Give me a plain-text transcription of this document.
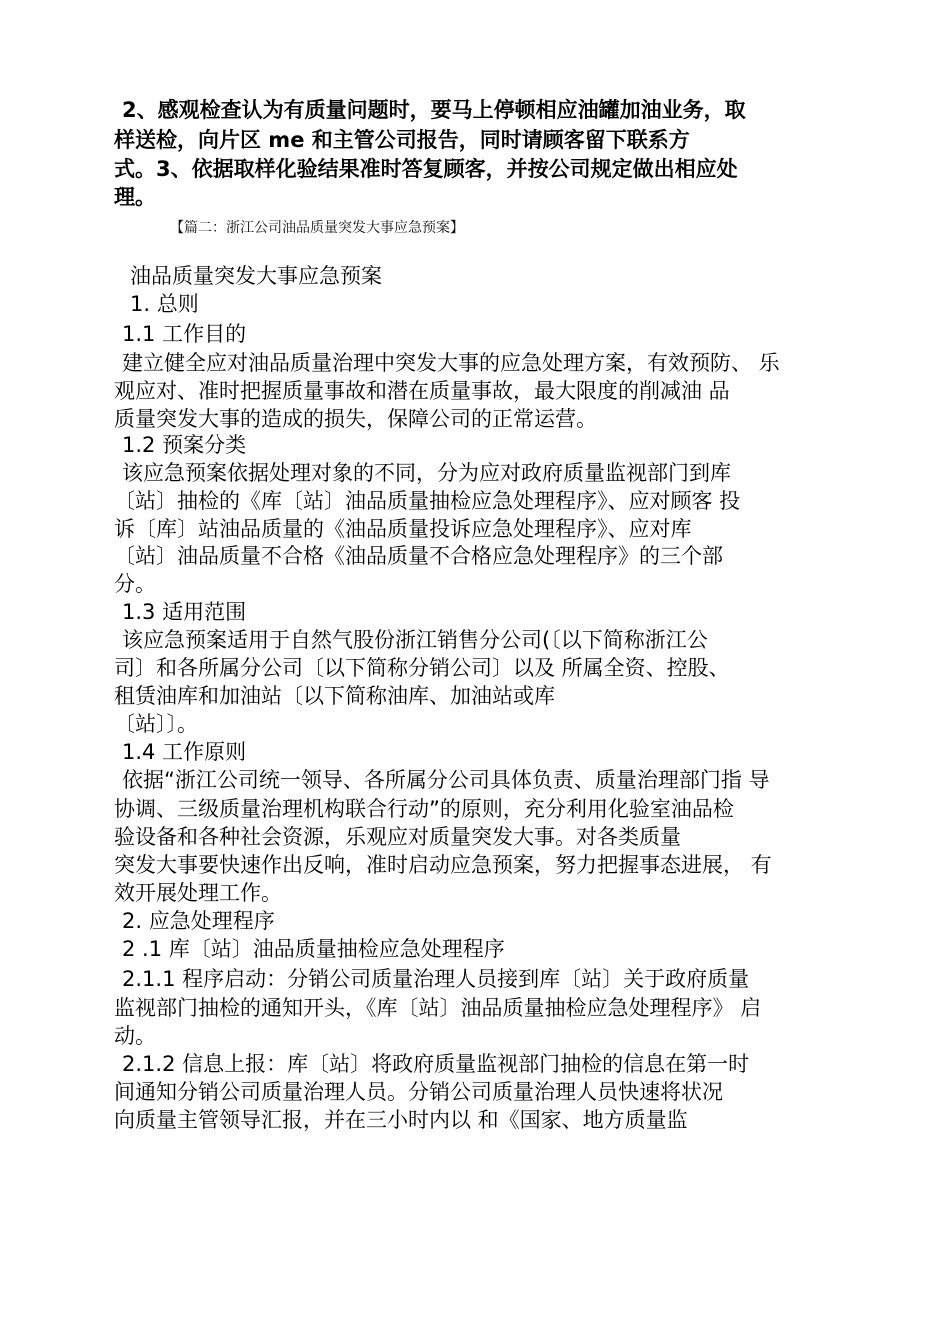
2、感观检查认为有质量问题时，要马上停顿相应油罐加油业务，取
样送检，向片区 me 和主管公司报告，同时请顾客留下联系方
式。3、依据取样化验结果准时答复顾客，并按公司规定做出相应处
理。
【篇二：浙江公司油品质量突发大事应急预案】
油品质量突发大事应急预案
1. 总则
1.1 工作目的
建立健全应对油品质量治理中突发大事的应急处理方案，有效预防、 乐
观应对、准时把握质量事故和潜在质量事故，最大限度的削减油 品
质量突发大事的造成的损失，保障公司的正常运营。
1.2 预案分类
该应急预案依据处理对象的不同，分为应对政府质量监视部门到库
〔站〕抽检的《库〔站〕油品质量抽检应急处理程序》、应对顾客 投
诉〔库〕站油品质量的《油品质量投诉应急处理程序》、应对库
〔站〕油品质量不合格《油品质量不合格应急处理程序》的三个部
分。
1.3 适用范围
该应急预案适用于自然气股份浙江销售分公司(〔以下简称浙江公
司〕和各所属分公司〔以下简称分销公司〕以及 所属全资、控股、
租赁油库和加油站〔以下简称油库、加油站或库
〔站〕〕。
1.4 工作原则
依据“浙江公司统一领导、各所属分公司具体负责、质量治理部门指 导
协调、三级质量治理机构联合行动”的原则，充分利用化验室油品检
验设备和各种社会资源，乐观应对质量突发大事。对各类质量
突发大事要快速作出反响，准时启动应急预案，努力把握事态进展， 有
效开展处理工作。
2. 应急处理程序
2 .1 库〔站〕油品质量抽检应急处理程序
2.1.1 程序启动：分销公司质量治理人员接到库〔站〕关于政府质量
监视部门抽检的通知开头，《库〔站〕油品质量抽检应急处理程序》 启
动。
2.1.2 信息上报：库〔站〕将政府质量监视部门抽检的信息在第一时
间通知分销公司质量治理人员。分销公司质量治理人员快速将状况
向质量主管领导汇报，并在三小时内以 和《国家、地方质量监
